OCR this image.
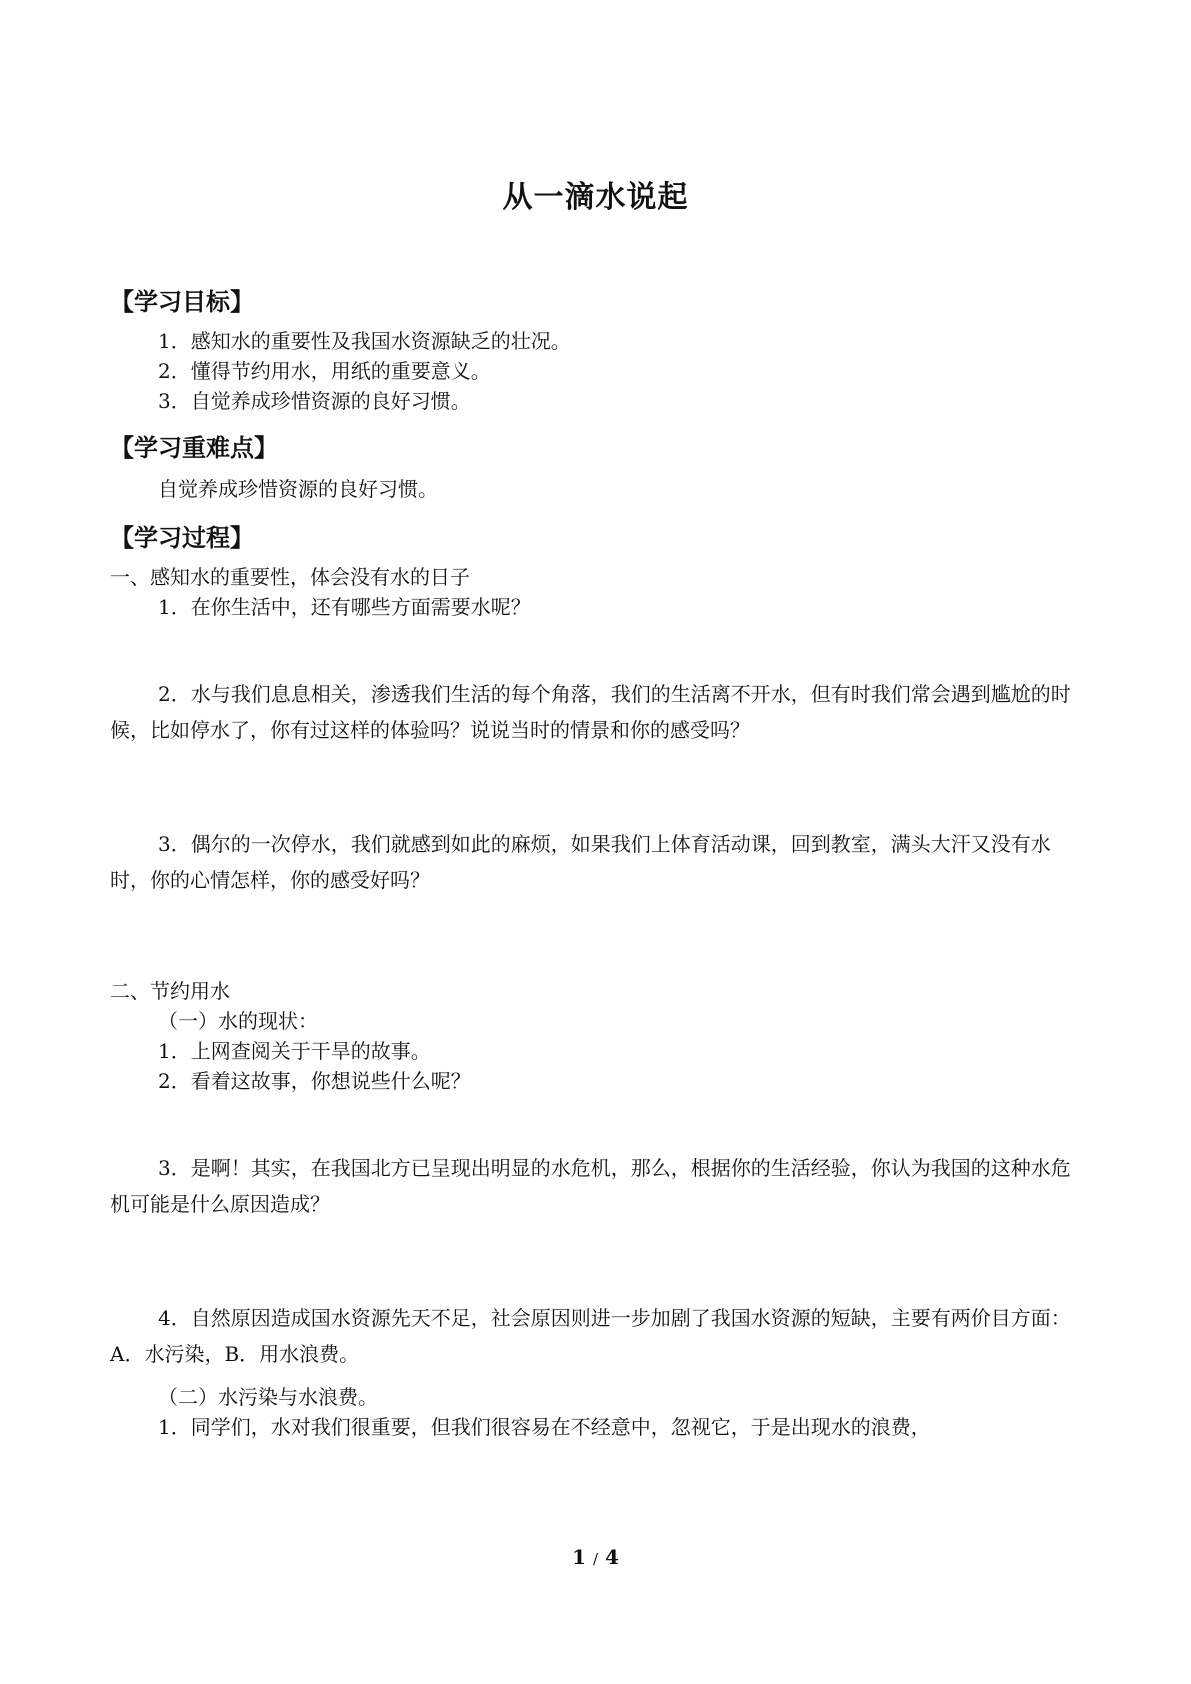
从一滴水说起
【学习目标】
1．感知水的重要性及我国水资源缺乏的壮况。
2．懂得节约用水，用纸的重要意义。
3．自觉养成珍惜资源的良好习惯。
【学习重难点】
自觉养成珍惜资源的良好习惯。
【学习过程】
一、感知水的重要性，体会没有水的日子
1．在你生活中，还有哪些方面需要水呢？
2．水与我们息息相关，渗透我们生活的每个角落，我们的生活离不开水，但有时我们常会遇到尴尬的时候，比如停水了，你有过这样的体验吗？说说当时的情景和你的感受吗？
3．偶尔的一次停水，我们就感到如此的麻烦，如果我们上体育活动课，回到教室，满头大汗又没有水时，你的心情怎样，你的感受好吗？
二、节约用水
（一）水的现状：
1．上网查阅关于干旱的故事。
2．看着这故事，你想说些什么呢？
3．是啊！其实，在我国北方已呈现出明显的水危机，那么，根据你的生活经验，你认为我国的这种水危机可能是什么原因造成？
4．自然原因造成国水资源先天不足，社会原因则进一步加剧了我国水资源的短缺，主要有两价目方面：A．水污染，B．用水浪费。
（二）水污染与水浪费。
1．同学们，水对我们很重要，但我们很容易在不经意中，忽视它，于是出现水的浪费，
1 / 4
